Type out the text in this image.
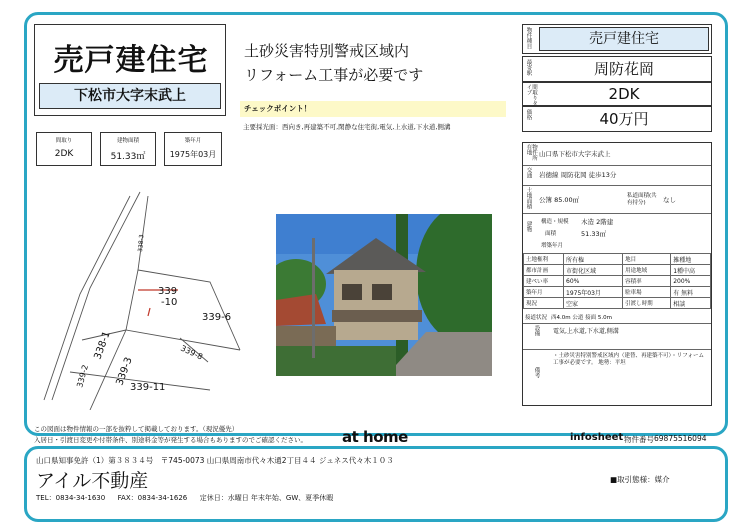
売戸建住宅
下松市大字末武上
間取り
2DK
建物面積
51.33㎡
築年月
1975年03月
土砂災害特別警戒区域内
リフォーム工事が必要です
チェックポイント！
主要採光面：西向き,再建築不可,閑静な住宅街,電気,上水道,下水道,側溝
339 -10
339-6
339-8
338-1
339-3
339-2	339-11
338-3
物件種目	売戸建住宅
最寄駅	周防花岡
間取りタイプ	2DK
価格	40万円
物件所在地	山口県下松市大字末武上
交通 岩徳線 周防花岡 徒歩13分
土地面積 公簿 85.00㎡	私道面積(共有持分)	なし
建物 構造・規模 木造 2階建
面積	51.33㎡
増築年月
土地権利	所有権	地目	雑種地
都市計画	市街化区域	用途地域	1種中高
建ぺい率	60%	容積率	200%
築年月	1975年03月	駐車場	有 無料
現況	空家	引渡し時期	相談
接道状況 西4.0m 公道 接面 5.0m
設備 電気,上水道,下水道,側溝
備考
・土砂災害特別警戒区域内（建替、再建築不可）・リフォーム工事が必要です。 地勢：平坦
この図面は物件情報の一部を抜粋して掲載しております。（現況優先）
入居日・引渡日変更や付帯条件、別途料金等が発生する場合もありますのでご確認ください。 at home	infosheet 物件番号 69875516094
山口県知事免許（1）第３８３４号　〒745-0073 山口県周南市代々木通2丁目４４ ジュネス代々木１０３
アイル不動産	■取引態様：媒介
TEL：0834-34-1630 FAX：0834-34-1626 定休日：水曜日 年末年始、GW、夏季休暇
